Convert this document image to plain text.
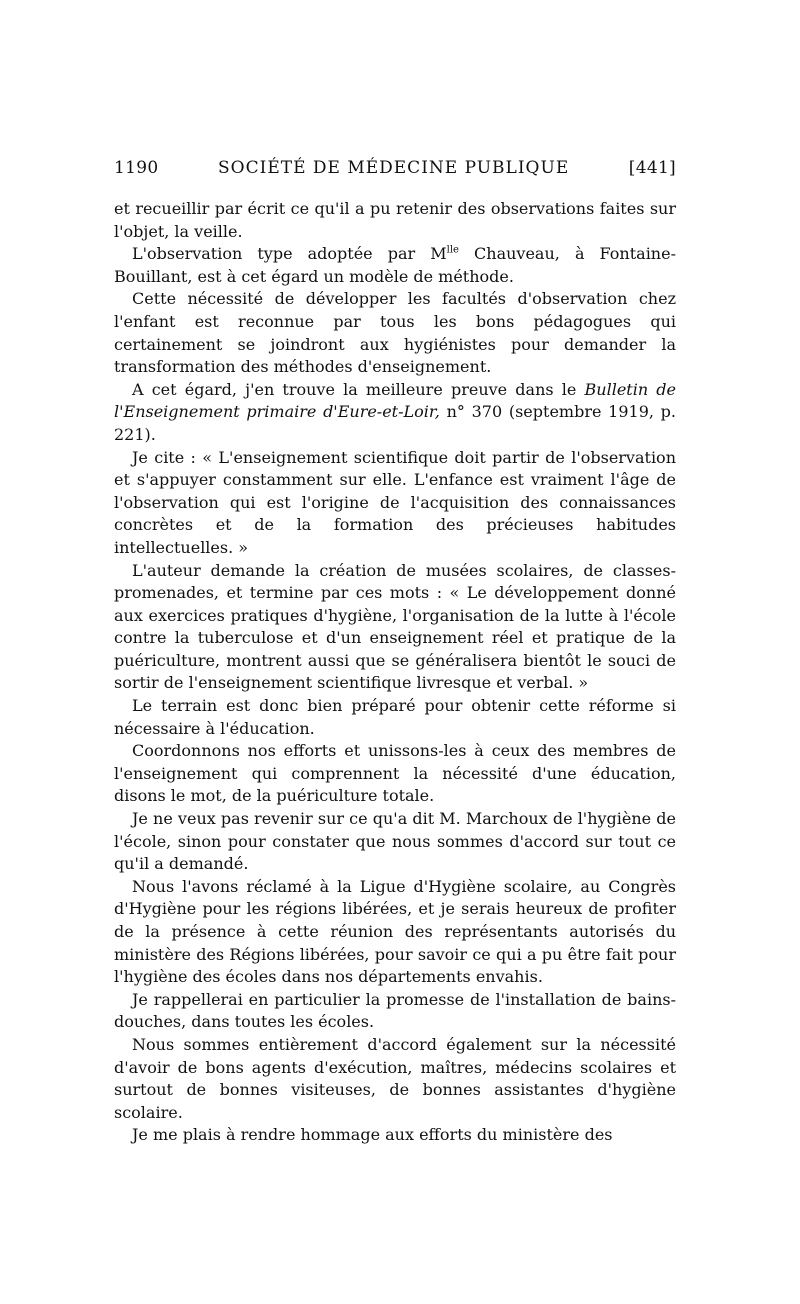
1190	SOCIÉTÉ DE MÉDECINE PUBLIQUE	[441]

et recueillir par écrit ce qu'il a pu retenir des observations faites sur l'objet, la veille.

L'observation type adoptée par $M^{lle}$ Chauveau, à Fontaine-Bouillant, est à cet égard un modèle de méthode.

Cette nécessité de développer les facultés d'observation chez l'enfant est reconnue par tous les bons pédagogues qui certainement se joindront aux hygiénistes pour demander la transformation des méthodes d'enseignement.

A cet égard, j'en trouve la meilleure preuve dans le Bulletin de l'Enseignement primaire d'Eure-et-Loir, n° 370 (septembre 1919, p. 221).

Je cite : « L'enseignement scientifique doit partir de l'observation et s'appuyer constamment sur elle. L'enfance est vraiment l'âge de l'observation qui est l'origine de l'acquisition des connaissances concrètes et de la formation des précieuses habitudes intellectuelles. »

L'auteur demande la création de musées scolaires, de classes-promenades, et termine par ces mots : « Le développement donné aux exercices pratiques d'hygiène, l'organisation de la lutte à l'école contre la tuberculose et d'un enseignement réel et pratique de la puériculture, montrent aussi que se généralisera bientôt le souci de sortir de l'enseignement scientifique livresque et verbal. »

Le terrain est donc bien préparé pour obtenir cette réforme si nécessaire à l'éducation.

Coordonnons nos efforts et unissons-les à ceux des membres de l'enseignement qui comprennent la nécessité d'une éducation, disons le mot, de la puériculture totale.

Je ne veux pas revenir sur ce qu'a dit M. Marchoux de l'hygiène de l'école, sinon pour constater que nous sommes d'accord sur tout ce qu'il a demandé.

Nous l'avons réclamé à la Ligue d'Hygiène scolaire, au Congrès d'Hygiène pour les régions libérées, et je serais heureux de profiter de la présence à cette réunion des représentants autorisés du ministère des Régions libérées, pour savoir ce qui a pu être fait pour l'hygiène des écoles dans nos départements envahis.

Je rappellerai en particulier la promesse de l'installation de bains-douches, dans toutes les écoles.

Nous sommes entièrement d'accord également sur la nécessité d'avoir de bons agents d'exécution, maîtres, médecins scolaires et surtout de bonnes visiteuses, de bonnes assistantes d'hygiène scolaire.

Je me plais à rendre hommage aux efforts du ministère des
